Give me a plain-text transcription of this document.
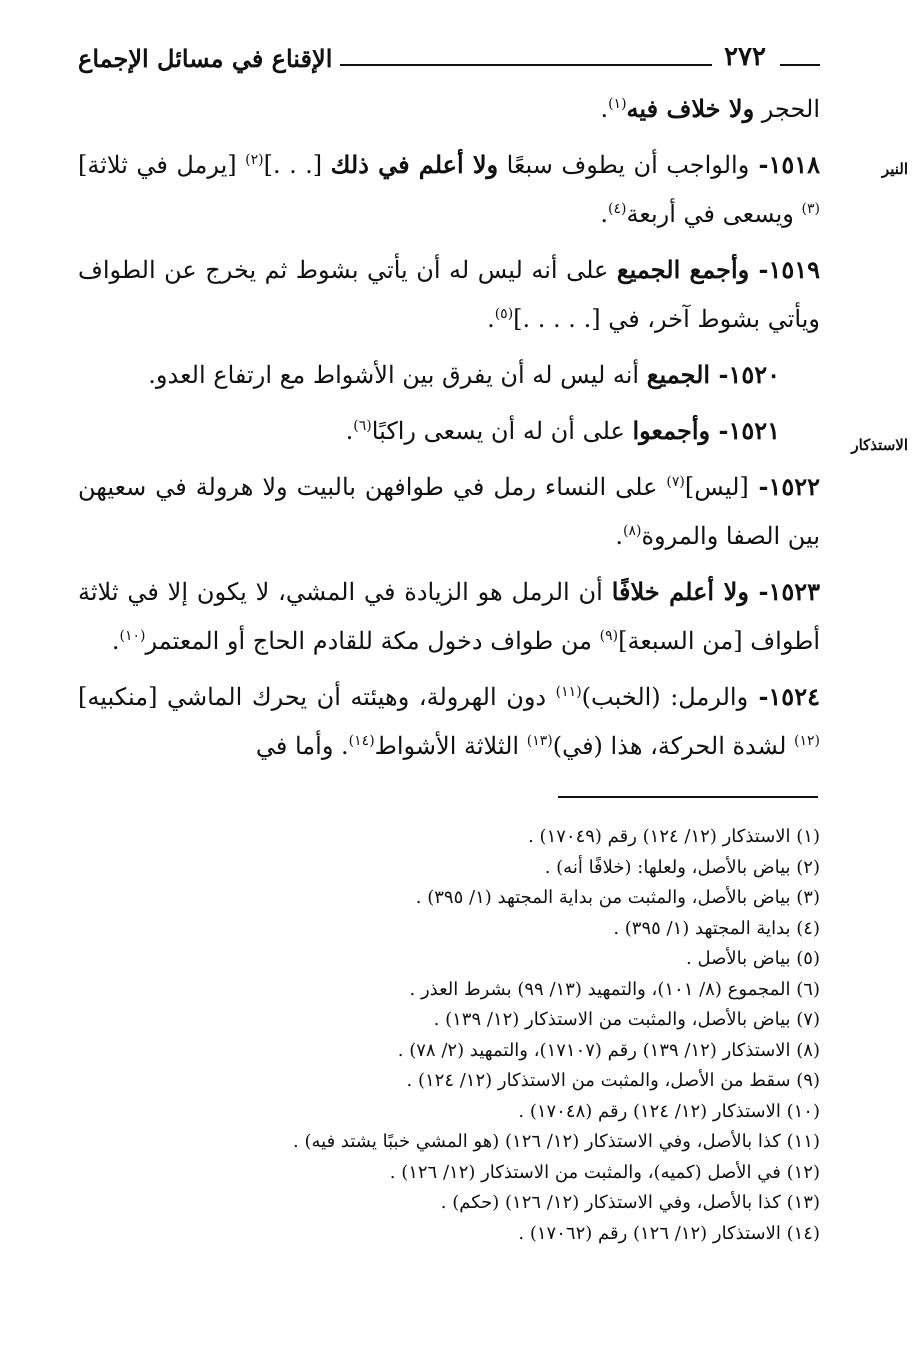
٢٧٢
الإقناع في مسائل الإجماع
النير
الاستذكار

الحجر ولا خلاف فيه$^{(١)}$.

١٥١٨- والواجب أن يطوف سبعًا ولا أعلم في ذلك [. . .]$^{(٢)}$ [يرمل في ثلاثة]$^{(٣)}$ ويسعى في أربعة$^{(٤)}$.

١٥١٩- وأجمع الجميع على أنه ليس له أن يأتي بشوط ثم يخرج عن الطواف ويأتي بشوط آخر، في [. . . . .]$^{(٥)}$.

١٥٢٠- الجميع أنه ليس له أن يفرق بين الأشواط مع ارتفاع العدو.

١٥٢١- وأجمعوا على أن له أن يسعى راكبًا$^{(٦)}$.

١٥٢٢- [ليس]$^{(٧)}$ على النساء رمل في طوافهن بالبيت ولا هرولة في سعيهن بين الصفا والمروة$^{(٨)}$.

١٥٢٣- ولا أعلم خلافًا أن الرمل هو الزيادة في المشي، لا يكون إلا في ثلاثة أطواف [من السبعة]$^{(٩)}$ من طواف دخول مكة للقادم الحاج أو المعتمر$^{(١٠)}$.

١٥٢٤- والرمل: (الخبب)$^{(١١)}$ دون الهرولة، وهيئته أن يحرك الماشي [منكبيه]$^{(١٢)}$ لشدة الحركة، هذا (في)$^{(١٣)}$ الثلاثة الأشواط$^{(١٤)}$. وأما في

(١) الاستذكار (١٢/ ١٢٤) رقم (١٧٠٤٩) .
(٢) بياض بالأصل، ولعلها: (خلافًا أنه) .
(٣) بياض بالأصل، والمثبت من بداية المجتهد (١/ ٣٩٥) .
(٤) بداية المجتهد (١/ ٣٩٥) .
(٥) بياض بالأصل .
(٦) المجموع (٨/ ١٠١)، والتمهيد (١٣/ ٩٩) بشرط العذر .
(٧) بياض بالأصل، والمثبت من الاستذكار (١٢/ ١٣٩) .
(٨) الاستذكار (١٢/ ١٣٩) رقم (١٧١٠٧)، والتمهيد (٢/ ٧٨) .
(٩) سقط من الأصل، والمثبت من الاستذكار (١٢/ ١٢٤) .
(١٠) الاستذكار (١٢/ ١٢٤) رقم (١٧٠٤٨) .
(١١) كذا بالأصل، وفي الاستذكار (١٢/ ١٢٦) (هو المشي خببًا يشتد فيه) .
(١٢) في الأصل (كميه)، والمثبت من الاستذكار (١٢/ ١٢٦) .
(١٣) كذا بالأصل، وفي الاستذكار (١٢/ ١٢٦) (حكم) .
(١٤) الاستذكار (١٢/ ١٢٦) رقم (١٧٠٦٢) .
